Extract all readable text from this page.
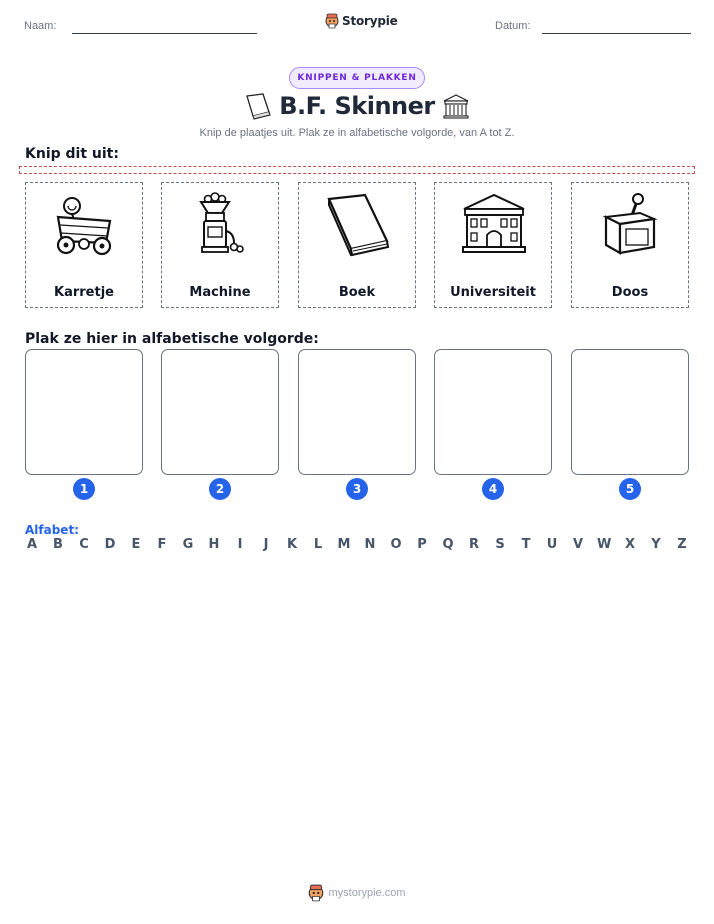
Naam:	Storypie	Datum:
KNIPPEN & PLAKKEN
B.F. Skinner
Knip de plaatjes uit. Plak ze in alfabetische volgorde, van A tot Z.
Knip dit uit:
Karretje	Machine	Boek	Universiteit	Doos
Plak ze hier in alfabetische volgorde:
1	2	3	4	5
Alfabet:
A B C D E F G H	I	J	K L M N O P Q R S T U V W X Y Z
mystorypie.com
